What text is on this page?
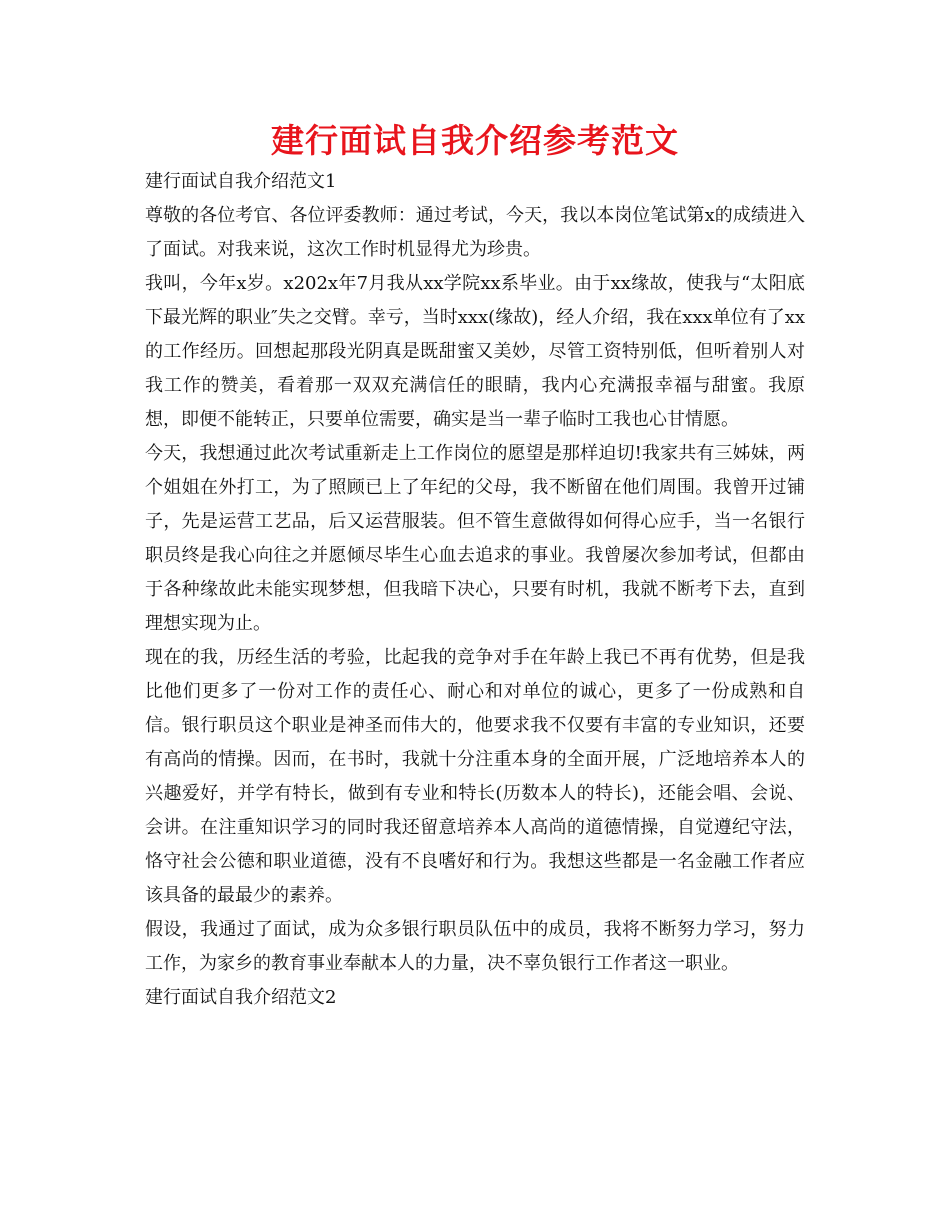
建行面试自我介绍参考范文

建行面试自我介绍范文1

尊敬的各位考官、各位评委教师：通过考试，今天，我以本岗位笔试第x的成绩进入了面试。对我来说，这次工作时机显得尤为珍贵。

我叫，今年x岁。x202x年7月我从xx学院xx系毕业。由于xx缘故，使我与“太阳底下最光辉的职业″失之交臂。幸亏，当时xxx(缘故)，经人介绍，我在xxx单位有了xx的工作经历。回想起那段光阴真是既甜蜜又美妙，尽管工资特别低，但听着别人对我工作的赞美，看着那一双双充满信任的眼睛，我内心充满报幸福与甜蜜。我原想，即便不能转正，只要单位需要，确实是当一辈子临时工我也心甘情愿。

今天，我想通过此次考试重新走上工作岗位的愿望是那样迫切!我家共有三姊妹，两个姐姐在外打工，为了照顾已上了年纪的父母，我不断留在他们周围。我曾开过铺子，先是运营工艺品，后又运营服装。但不管生意做得如何得心应手，当一名银行职员终是我心向往之并愿倾尽毕生心血去追求的事业。我曾屡次参加考试，但都由于各种缘故此未能实现梦想，但我暗下决心，只要有时机，我就不断考下去，直到理想实现为止。

现在的我，历经生活的考验，比起我的竞争对手在年龄上我已不再有优势，但是我比他们更多了一份对工作的责任心、耐心和对单位的诚心，更多了一份成熟和自信。银行职员这个职业是神圣而伟大的，他要求我不仅要有丰富的专业知识，还要有高尚的情操。因而，在书时，我就十分注重本身的全面开展，广泛地培养本人的兴趣爱好，并学有特长，做到有专业和特长(历数本人的特长)，还能会唱、会说、会讲。在注重知识学习的同时我还留意培养本人高尚的道德情操，自觉遵纪守法，恪守社会公德和职业道德，没有不良嗜好和行为。我想这些都是一名金融工作者应该具备的最最少的素养。

假设，我通过了面试，成为众多银行职员队伍中的成员，我将不断努力学习，努力工作，为家乡的教育事业奉献本人的力量，决不辜负银行工作者这一职业。

建行面试自我介绍范文2
